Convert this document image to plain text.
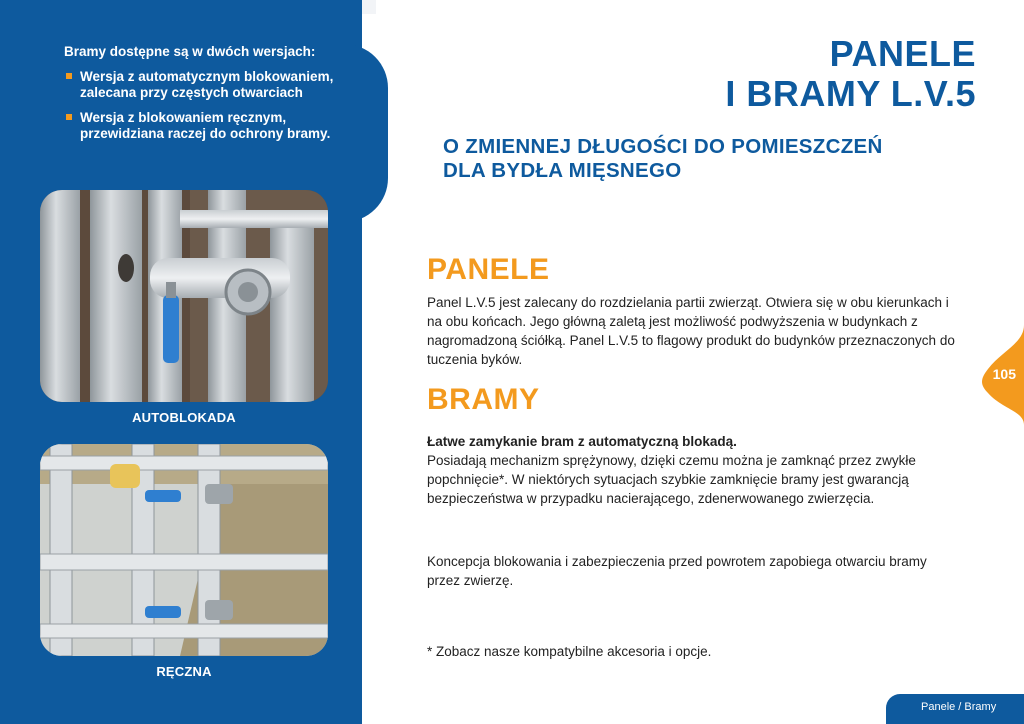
Bramy dostępne są w dwóch wersjach:

Wersja z automatycznym blokowaniem, zalecana przy częstych otwarciach
Wersja z blokowaniem ręcznym, przewidziana raczej do ochrony bramy.
AUTOBLOKADA
RĘCZNA
PANELE
I BRAMY L.V.5
O ZMIENNEJ DŁUGOŚCI DO POMIESZCZEŃ
DLA BYDŁA MIĘSNEGO
PANELE

Panel L.V.5 jest zalecany do rozdzielania partii zwierząt. Otwiera się w obu kierunkach i na obu końcach. Jego główną zaletą jest możliwość podwyższenia w budynkach z nagromadzoną ściółką. Panel L.V.5 to flagowy produkt do budynków przeznaczonych do tuczenia byków.

BRAMY

Łatwe zamykanie bram z automatyczną blokadą.

Posiadają mechanizm sprężynowy, dzięki czemu można je zamknąć przez zwykłe popchnięcie*. W niektórych sytuacjach szybkie zamknięcie bramy jest gwarancją bezpieczeństwa w przypadku nacierającego, zdenerwowanego zwierzęcia.

Koncepcja blokowania i zabezpieczenia przed powrotem zapobiega otwarciu bramy przez zwierzę.

* Zobacz nasze kompatybilne akcesoria i opcje.

105
Panele / Bramy
